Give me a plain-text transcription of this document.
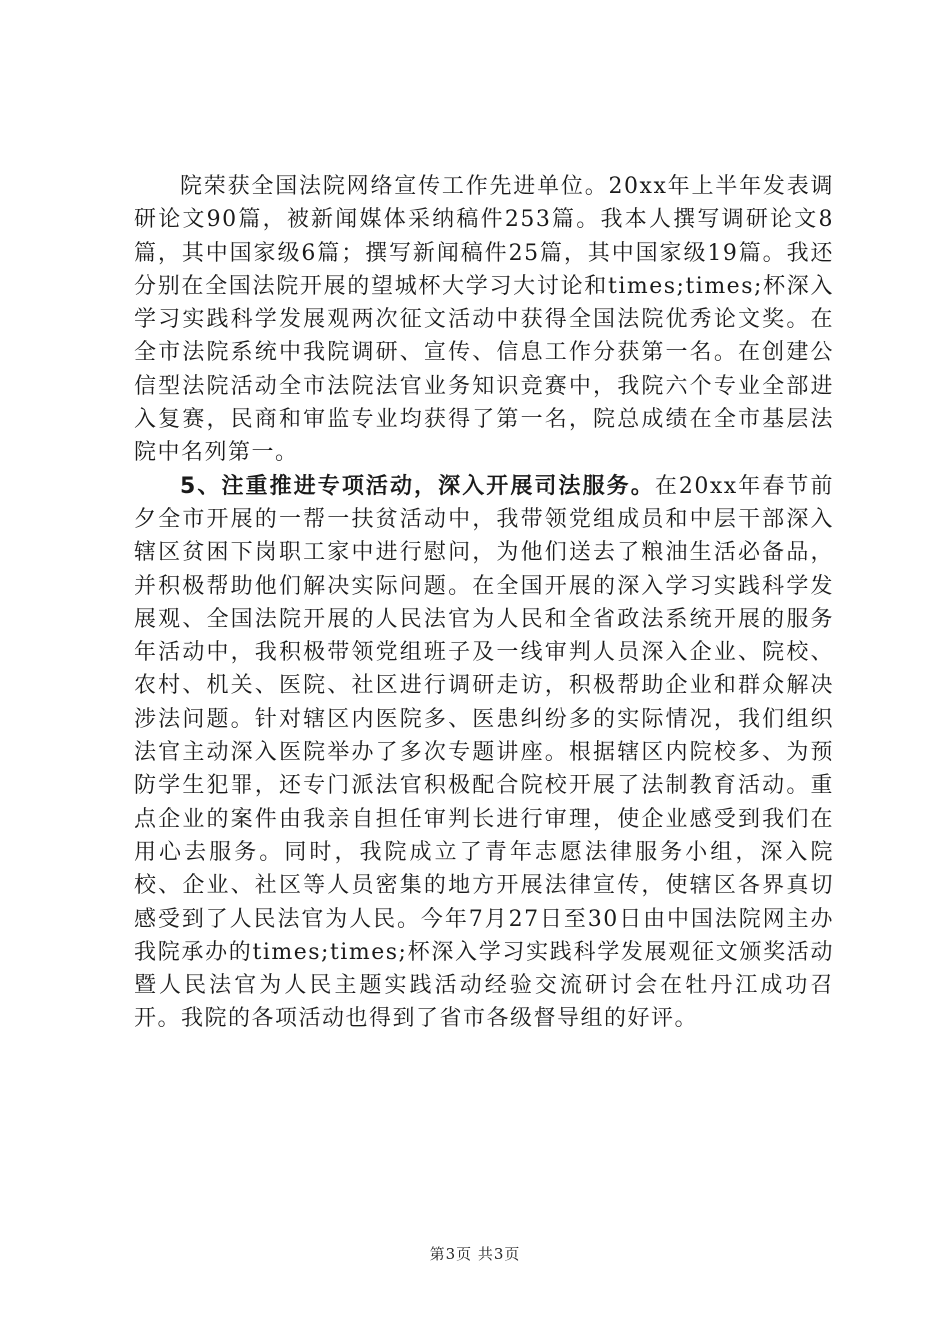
院荣获全国法院网络宣传工作先进单位。20xx年上半年发表调研论文90篇，被新闻媒体采纳稿件253篇。我本人撰写调研论文8篇，其中国家级6篇；撰写新闻稿件25篇，其中国家级19篇。我还分别在全国法院开展的望城杯大学习大讨论和times;times;杯深入学习实践科学发展观两次征文活动中获得全国法院优秀论文奖。在全市法院系统中我院调研、宣传、信息工作分获第一名。在创建公信型法院活动全市法院法官业务知识竞赛中，我院六个专业全部进入复赛，民商和审监专业均获得了第一名，院总成绩在全市基层法院中名列第一。

5、注重推进专项活动，深入开展司法服务。在20xx年春节前夕全市开展的一帮一扶贫活动中，我带领党组成员和中层干部深入辖区贫困下岗职工家中进行慰问，为他们送去了粮油生活必备品，并积极帮助他们解决实际问题。在全国开展的深入学习实践科学发展观、全国法院开展的人民法官为人民和全省政法系统开展的服务年活动中，我积极带领党组班子及一线审判人员深入企业、院校、农村、机关、医院、社区进行调研走访，积极帮助企业和群众解决涉法问题。针对辖区内医院多、医患纠纷多的实际情况，我们组织法官主动深入医院举办了多次专题讲座。根据辖区内院校多、为预防学生犯罪，还专门派法官积极配合院校开展了法制教育活动。重点企业的案件由我亲自担任审判长进行审理，使企业感受到我们在用心去服务。同时，我院成立了青年志愿法律服务小组，深入院校、企业、社区等人员密集的地方开展法律宣传，使辖区各界真切感受到了人民法官为人民。今年7月27日至30日由中国法院网主办我院承办的times;times;杯深入学习实践科学发展观征文颁奖活动暨人民法官为人民主题实践活动经验交流研讨会在牡丹江成功召开。我院的各项活动也得到了省市各级督导组的好评。

第3页 共3页
